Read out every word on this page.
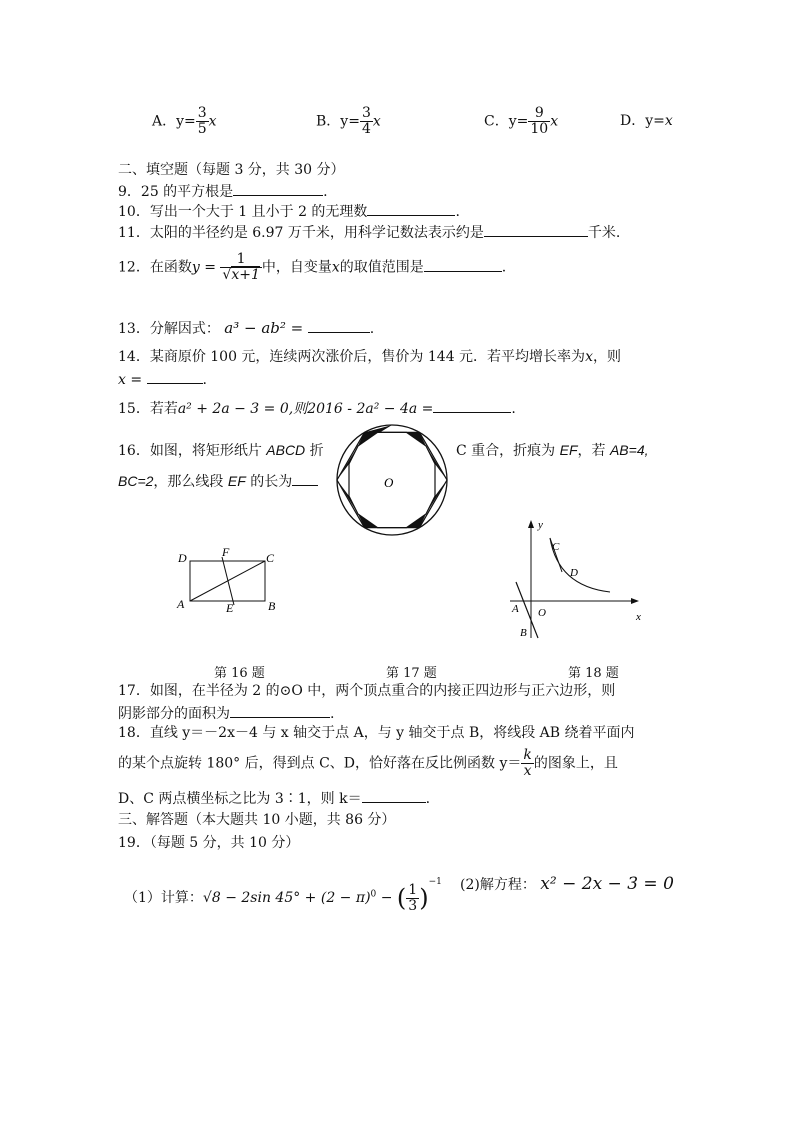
A．$y= \frac{3}{5}$ x	B．$y= \frac{3}{4}$ x	C．$y= \frac{9}{10}$ x	D．y=x
二、填空题（每题 3 分，共 30 分）
9．25 的平方根是	.
10．写出一个大于 1 且小于 2 的无理数	.
11．太阳的半径约是 6.97 万千米，用科学记数法表示约是	千米.
12．在函数$y = \frac{1}{√x+1}$ 中，自变量x的取值范围是	.
13．分解因式： a³ − ab² =	.
14．某商原价 100 元，连续两次涨价后，售价为 144 元．若平均增长率为x，则
x =	.
15．若若a² + 2a − 3 = 0,则2016 - 2a² − 4a =	.
16．如图，将矩形纸片 ABCD 折	C 重合，折痕为 EF，若 AB=4,
BC=2，那么线段 EF 的长为	O
D	F	C
A	E	B
y
C
D
A O	x
B
第 16 题	第 17 题	第 18 题
17．如图，在半径为 2 的⊙O 中，两个顶点重合的内接正四边形与正六边形，则
阴影部分的面积为	.
18．直线 y＝－2x－4 与 x 轴交于点 A，与 y 轴交于点 B，将线段 AB 绕着平面内
的某个点旋转 180° 后，得到点 C、D，恰好落在反比例函数 $y= \frac{k}{x}$ 的图象上，且
D、C 两点横坐标之比为 3∶1，则 k＝	.
三、解答题（本大题共 10 小题，共 86 分）
19．（每题 5 分，共 10 分）
（1）计算：√8 − 2sin $45^\circ + (2 - \pi)^0$ − ( $\frac{1}{3} )^{-1}$ (2)解方程： x² − 2x − 3 = 0
